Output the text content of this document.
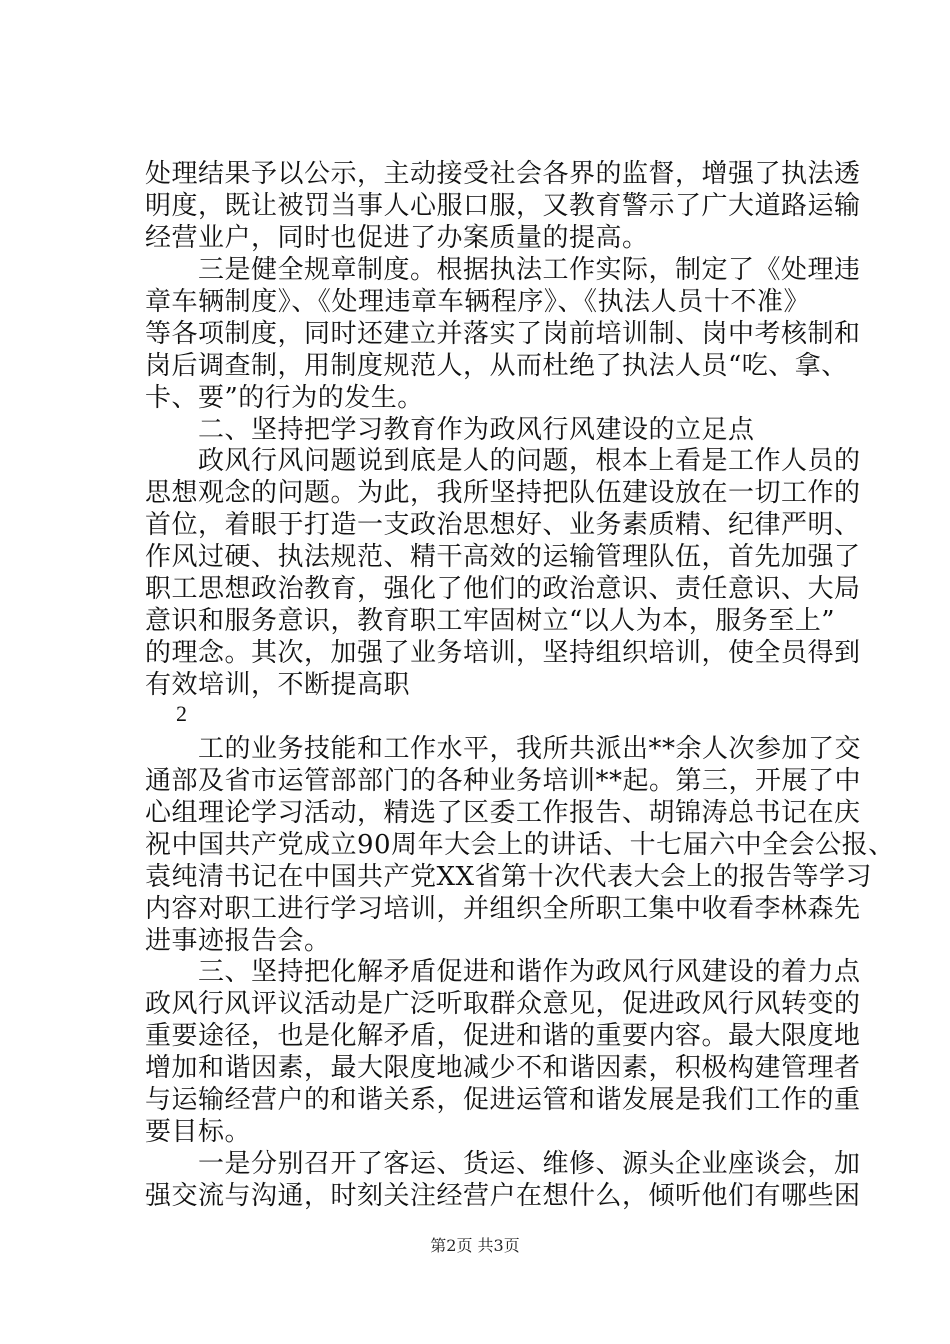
处理结果予以公示，主动接受社会各界的监督，增强了执法透
明度，既让被罚当事人心服口服，又教育警示了广大道路运输
经营业户，同时也促进了办案质量的提高。
　　三是健全规章制度。根据执法工作实际，制定了《处理违
章车辆制度》、《处理违章车辆程序》、《执法人员十不准》
等各项制度，同时还建立并落实了岗前培训制、岗中考核制和
岗后调查制，用制度规范人，从而杜绝了执法人员“吃、拿、
卡、要”的行为的发生。
　　二、坚持把学习教育作为政风行风建设的立足点
　　政风行风问题说到底是人的问题，根本上看是工作人员的
思想观念的问题。为此，我所坚持把队伍建设放在一切工作的
首位，着眼于打造一支政治思想好、业务素质精、纪律严明、
作风过硬、执法规范、精干高效的运输管理队伍，首先加强了
职工思想政治教育，强化了他们的政治意识、责任意识、大局
意识和服务意识，教育职工牢固树立“以人为本，服务至上”
的理念。其次，加强了业务培训，坚持组织培训，使全员得到
有效培训，不断提高职
2
　　工的业务技能和工作水平，我所共派出**余人次参加了交
通部及省市运管部部门的各种业务培训**起。第三，开展了中
心组理论学习活动，精选了区委工作报告、胡锦涛总书记在庆
祝中国共产党成立90周年大会上的讲话、十七届六中全会公报、
袁纯清书记在中国共产党XX省第十次代表大会上的报告等学习
内容对职工进行学习培训，并组织全所职工集中收看李林森先
进事迹报告会。
　　三、坚持把化解矛盾促进和谐作为政风行风建设的着力点
政风行风评议活动是广泛听取群众意见，促进政风行风转变的
重要途径，也是化解矛盾，促进和谐的重要内容。最大限度地
增加和谐因素，最大限度地减少不和谐因素，积极构建管理者
与运输经营户的和谐关系，促进运管和谐发展是我们工作的重
要目标。
第2页 共3页
　　一是分别召开了客运、货运、维修、源头企业座谈会，加
强交流与沟通，时刻关注经营户在想什么，倾听他们有哪些困
